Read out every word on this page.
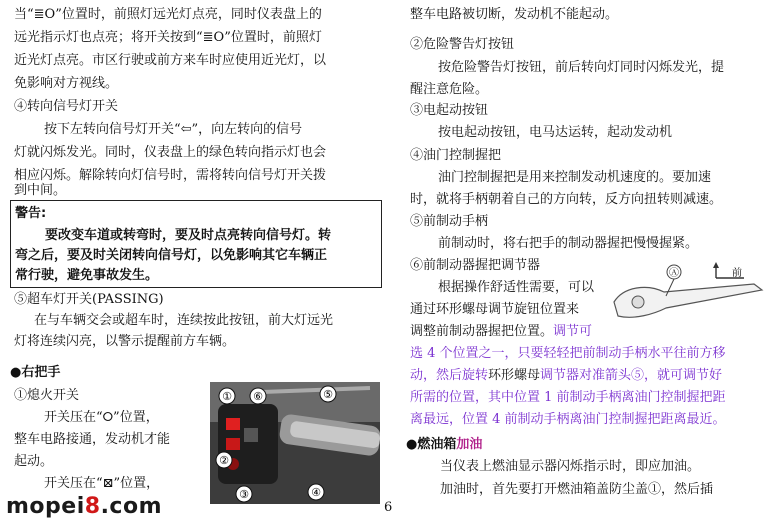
当“≣O”位置时，前照灯远光灯点亮，同时仪表盘上的
远光指示灯也点亮；将开关按到“≣O”位置时，前照灯
近光灯点亮。市区行驶或前方来车时应使用近光灯，以
免影响对方视线。
④转向信号灯开关
按下左转向信号灯开关“⇦”，向左转向的信号
灯就闪烁发光。同时，仪表盘上的绿色转向指示灯也会
相应闪烁。解除转向灯信号时，需将转向信号灯开关拨
到中间。
警告:
要改变车道或转弯时，要及时点亮转向信号灯。转
弯之后，要及时关闭转向信号灯，以免影响其它车辆正
常行驶，避免事故发生。
⑤超车灯开关(PASSING)
在与车辆交会或超车时，连续按此按钮，前大灯远光
灯将连续闪亮，以警示提醒前方车辆。
●右把手
①熄火开关
开关压在“⭘”位置，
整车电路接通，发动机才能
起动。
开关压在“⊠”位置，
①
②
③	④
⑤
⑥
整车电路被切断，发动机不能起动。
②危险警告灯按钮
按危险警告灯按钮，前后转向灯同时闪烁发光，提
醒注意危险。
③电起动按钮
按电起动按钮，电马达运转，起动发动机
④油门控制握把
油门控制握把是用来控制发动机速度的。要加速
时，就将手柄朝着自己的方向转，反方向扭转则减速。
⑤前制动手柄
前制动时，将右把手的制动器握把慢慢握紧。
⑥前制动器握把调节器
根据操作舒适性需要，可以
通过环形螺母调节旋钮位置来
调整前制动器握把位置。调节可
选 4 个位置之一，只要轻轻把前制动手柄水平往前方移
动，然后旋转环形螺母调节器对准箭头⑤，就可调节好
所需的位置，其中位置 1 前制动手柄离油门控制握把距
离最远，位置 4 前制动手柄离油门控制握把距离最近。
●燃油箱加油
当仪表上燃油显示器闪烁指示时，即应加油。
加油时，首先要打开燃油箱盖防尘盖①，然后插
Ⓐ	前
6
mopei8.com
